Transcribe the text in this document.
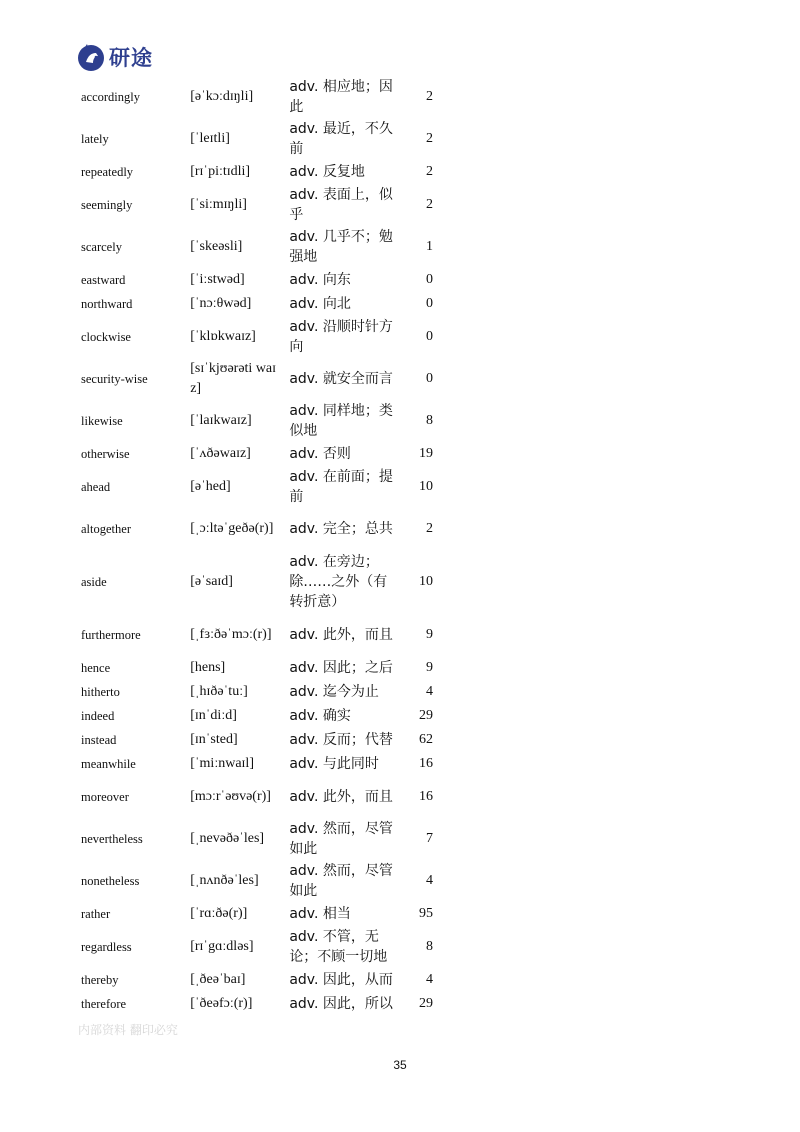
研途
accordingly	[əˈkɔːdɪŋli]	adv. 相应地；因此	2
lately	[ˈleɪtli]	adv. 最近，不久前	2
repeatedly	[rɪˈpiːtɪdli]	adv. 反复地	2
seemingly	[ˈsiːmɪŋli]	adv. 表面上，似乎	2
scarcely	[ˈskeəsli]	adv. 几乎不；勉强地	1
eastward	[ˈiːstwəd]	adv. 向东	0
northward	[ˈnɔːθwəd]	adv. 向北	0
clockwise	[ˈklɒkwaɪz]	adv. 沿顺时针方向	0
security-wise	[sɪˈkjʊərəti waɪz]	adv. 就安全而言	0
likewise	[ˈlaɪkwaɪz]	adv. 同样地；类似地	8
otherwise	[ˈʌðəwaɪz]	adv. 否则	19
ahead	[əˈhed]	adv. 在前面；提前	10
altogether	[ˌɔːltəˈgeðə(r)]	adv. 完全；总共	2
aside	[əˈsaɪd]	adv. 在旁边；除……之外（有转折意）	10
furthermore	[ˌfɜːðəˈmɔː(r)]	adv. 此外，而且	9
hence	[hens]	adv. 因此；之后	9
hitherto	[ˌhɪðəˈtuː]	adv. 迄今为止	4
indeed	[ɪnˈdiːd]	adv. 确实	29
instead	[ɪnˈsted]	adv. 反而；代替	62
meanwhile	[ˈmiːnwaɪl]	adv. 与此同时	16
moreover	[mɔːrˈəʊvə(r)]	adv. 此外，而且	16
nevertheless	[ˌnevəðəˈles]	adv. 然而，尽管如此	7
nonetheless	[ˌnʌnðəˈles]	adv. 然而，尽管如此	4
rather	[ˈrɑːðə(r)]	adv. 相当	95
regardless	[rɪˈgɑːdləs]	adv. 不管，无论；不顾一切地	8
thereby	[ˌðeəˈbaɪ]	adv. 因此，从而	4
therefore	[ˈðeəfɔː(r)]	adv. 因此，所以	29
内部资料 翻印必究
35
